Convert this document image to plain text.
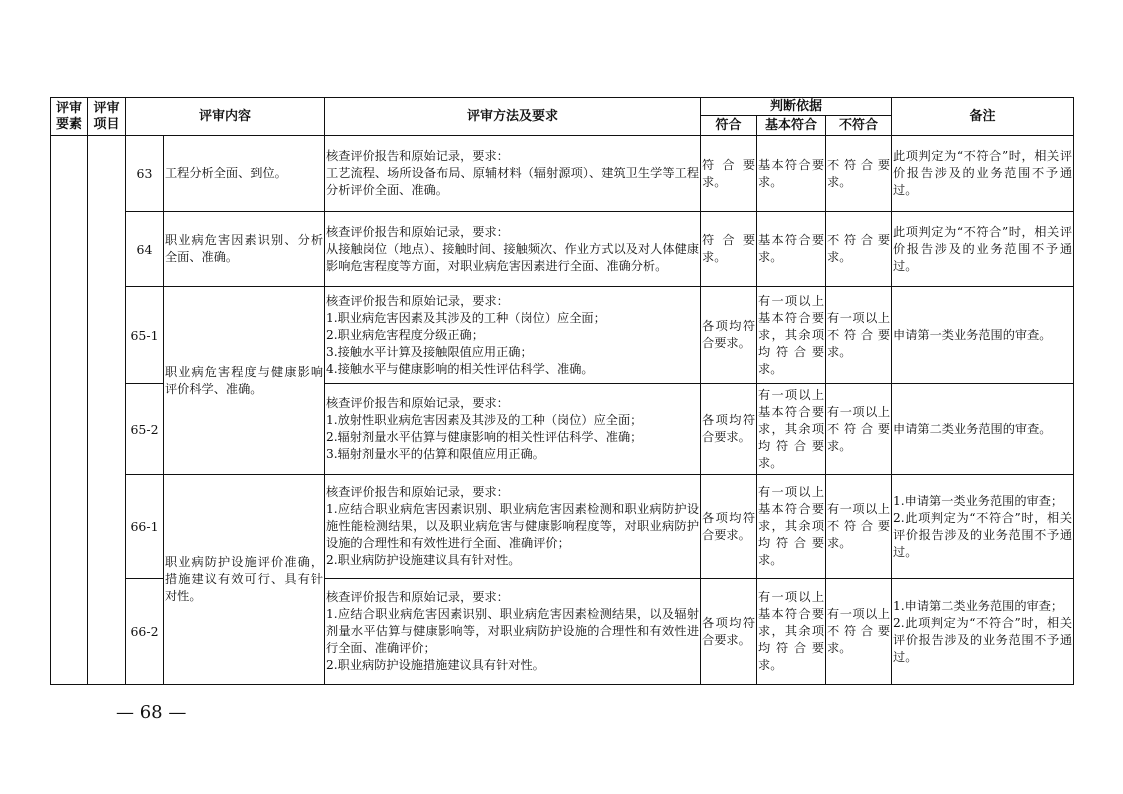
评审
要素	评审
项目	评审内容		评审方法及要求	判断依据			备注
					符合	基本符合	不符合	
		63	工程分析全面、到位。	核查评价报告和原始记录，要求：
工艺流程、场所设备布局、原辅材料（辐射源项）、建筑卫生学等工程分析评价全面、准确。	符合要求。	基本符合要求。	不符合要求。	此项判定为“不符合”时，相关评价报告涉及的业务范围不予通过。
		64	职业病危害因素识别、分析全面、准确。	核查评价报告和原始记录，要求：
从接触岗位（地点）、接触时间、接触频次、作业方式以及对人体健康影响危害程度等方面，对职业病危害因素进行全面、准确分析。	符合要求。	基本符合要求。	不符合要求。	此项判定为“不符合”时，相关评价报告涉及的业务范围不予通过。
		65-1	职业病危害程度与健康影响评价科学、准确。	核查评价报告和原始记录，要求：
1.职业病危害因素及其涉及的工种（岗位）应全面；
2.职业病危害程度分级正确；
3.接触水平计算及接触限值应用正确；
4.接触水平与健康影响的相关性评估科学、准确。	各项均符合要求。	有一项以上基本符合要求，其余项均符合要求。	有一项以上不符合要求。	申请第一类业务范围的审查。
		65-2		核查评价报告和原始记录，要求：
1.放射性职业病危害因素及其涉及的工种（岗位）应全面；
2.辐射剂量水平估算与健康影响的相关性评估科学、准确；
3.辐射剂量水平的估算和限值应用正确。	各项均符合要求。	有一项以上基本符合要求，其余项均符合要求。	有一项以上不符合要求。	申请第二类业务范围的审查。
		66-1	职业病防护设施评价准确，措施建议有效可行、具有针对性。	核查评价报告和原始记录，要求：
1.应结合职业病危害因素识别、职业病危害因素检测和职业病防护设施性能检测结果，以及职业病危害与健康影响程度等，对职业病防护设施的合理性和有效性进行全面、准确评价；
2.职业病防护设施建议具有针对性。	各项均符合要求。	有一项以上基本符合要求，其余项均符合要求。	有一项以上不符合要求。	1.申请第一类业务范围的审查；
2.此项判定为“不符合”时，相关评价报告涉及的业务范围不予通过。
		66-2		核查评价报告和原始记录，要求：
1.应结合职业病危害因素识别、职业病危害因素检测结果，以及辐射剂量水平估算与健康影响等，对职业病防护设施的合理性和有效性进行全面、准确评价；
2.职业病防护设施措施建议具有针对性。	各项均符合要求。	有一项以上基本符合要求，其余项均符合要求。	有一项以上不符合要求。	1.申请第二类业务范围的审查；
2.此项判定为“不符合”时，相关评价报告涉及的业务范围不予通过。
— 68 —
